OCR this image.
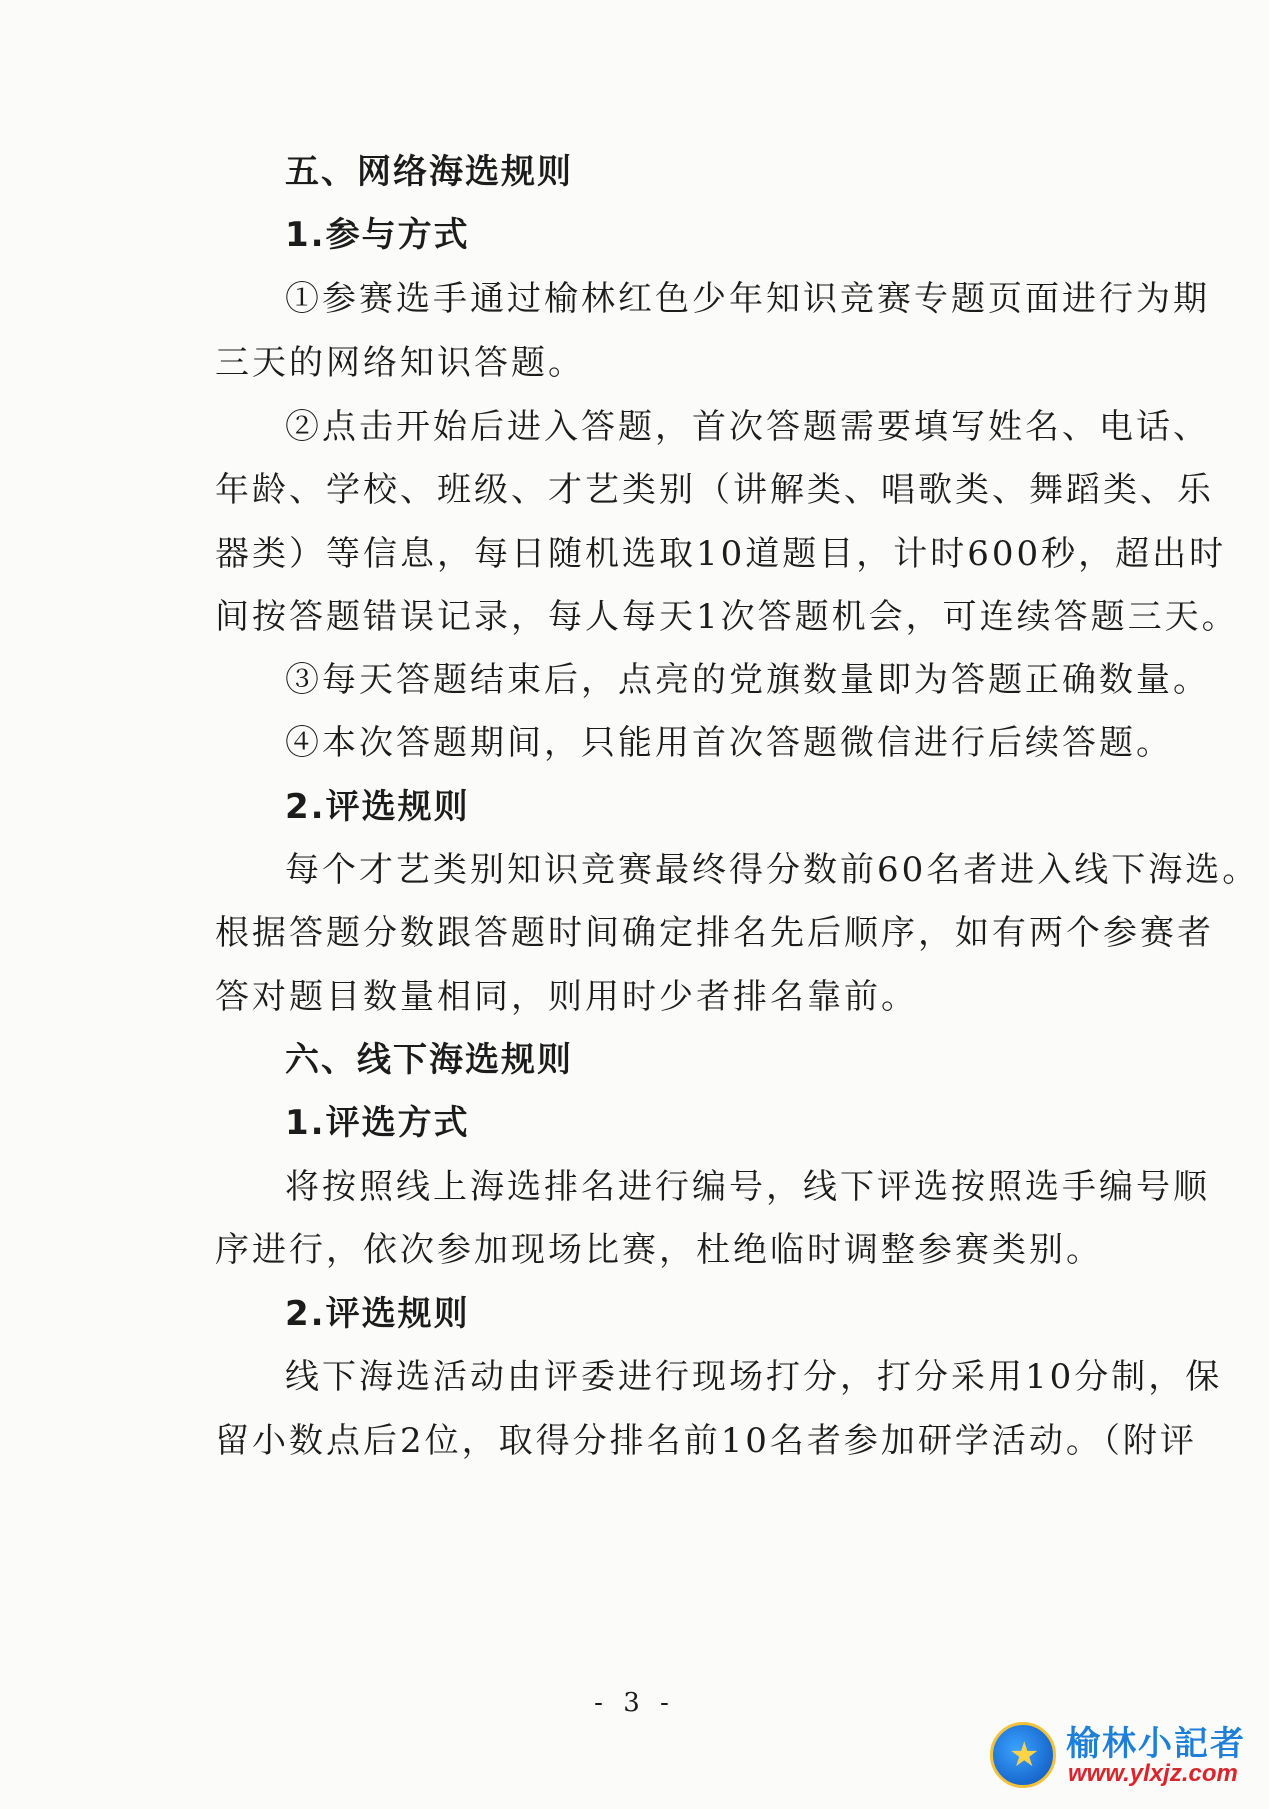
五、网络海选规则
1.参与方式
①参赛选手通过榆林红色少年知识竞赛专题页面进行为期
三天的网络知识答题。
②点击开始后进入答题，首次答题需要填写姓名、电话、
年龄、学校、班级、才艺类别（讲解类、唱歌类、舞蹈类、乐
器类）等信息，每日随机选取10道题目，计时600秒，超出时
间按答题错误记录，每人每天1次答题机会，可连续答题三天。
③每天答题结束后，点亮的党旗数量即为答题正确数量。
④本次答题期间，只能用首次答题微信进行后续答题。
2.评选规则
每个才艺类别知识竞赛最终得分数前60名者进入线下海选。
根据答题分数跟答题时间确定排名先后顺序，如有两个参赛者
答对题目数量相同，则用时少者排名靠前。
六、线下海选规则
1.评选方式
将按照线上海选排名进行编号，线下评选按照选手编号顺
序进行，依次参加现场比赛，杜绝临时调整参赛类别。
2.评选规则
线下海选活动由评委进行现场打分，打分采用10分制，保
留小数点后2位，取得分排名前10名者参加研学活动。（附评
- 3 -
★ 榆林小記者
www.ylxjz.com
